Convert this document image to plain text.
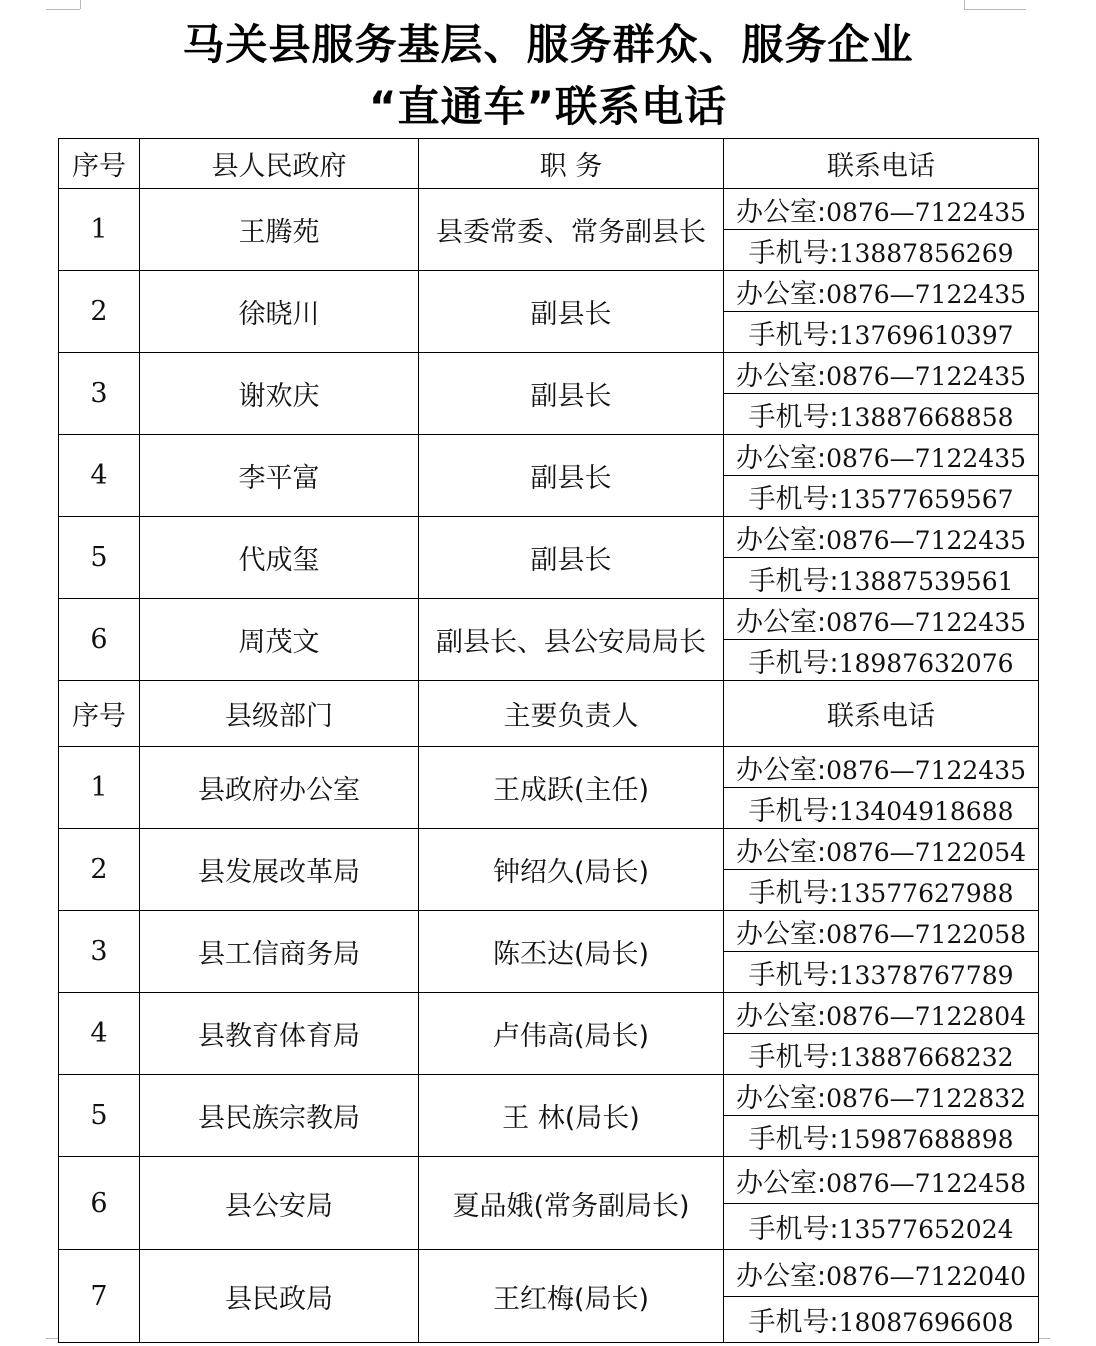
马关县服务基层、服务群众、服务企业
“直通车”联系电话
序号	县人民政府	职 务	联系电话
1	王腾苑	县委常委、常务副县长	办公室:0876—7122435
			手机号:13887856269
2	徐晓川	副县长	办公室:0876—7122435
			手机号:13769610397
3	谢欢庆	副县长	办公室:0876—7122435
			手机号:13887668858
4	李平富	副县长	办公室:0876—7122435
			手机号:13577659567
5	代成玺	副县长	办公室:0876—7122435
			手机号:13887539561
6	周茂文	副县长、县公安局局长	办公室:0876—7122435
			手机号:18987632076
序号	县级部门	主要负责人	联系电话
1	县政府办公室	王成跃(主任)	办公室:0876—7122435
			手机号:13404918688
2	县发展改革局	钟绍久(局长)	办公室:0876—7122054
			手机号:13577627988
3	县工信商务局	陈丕达(局长)	办公室:0876—7122058
			手机号:13378767789
4	县教育体育局	卢伟高(局长)	办公室:0876—7122804
			手机号:13887668232
5	县民族宗教局	王 林(局长)	办公室:0876—7122832
			手机号:15987688898
6	县公安局	夏品娥(常务副局长)	办公室:0876—7122458
			手机号:13577652024
7	县民政局	王红梅(局长)	办公室:0876—7122040
			手机号:18087696608
